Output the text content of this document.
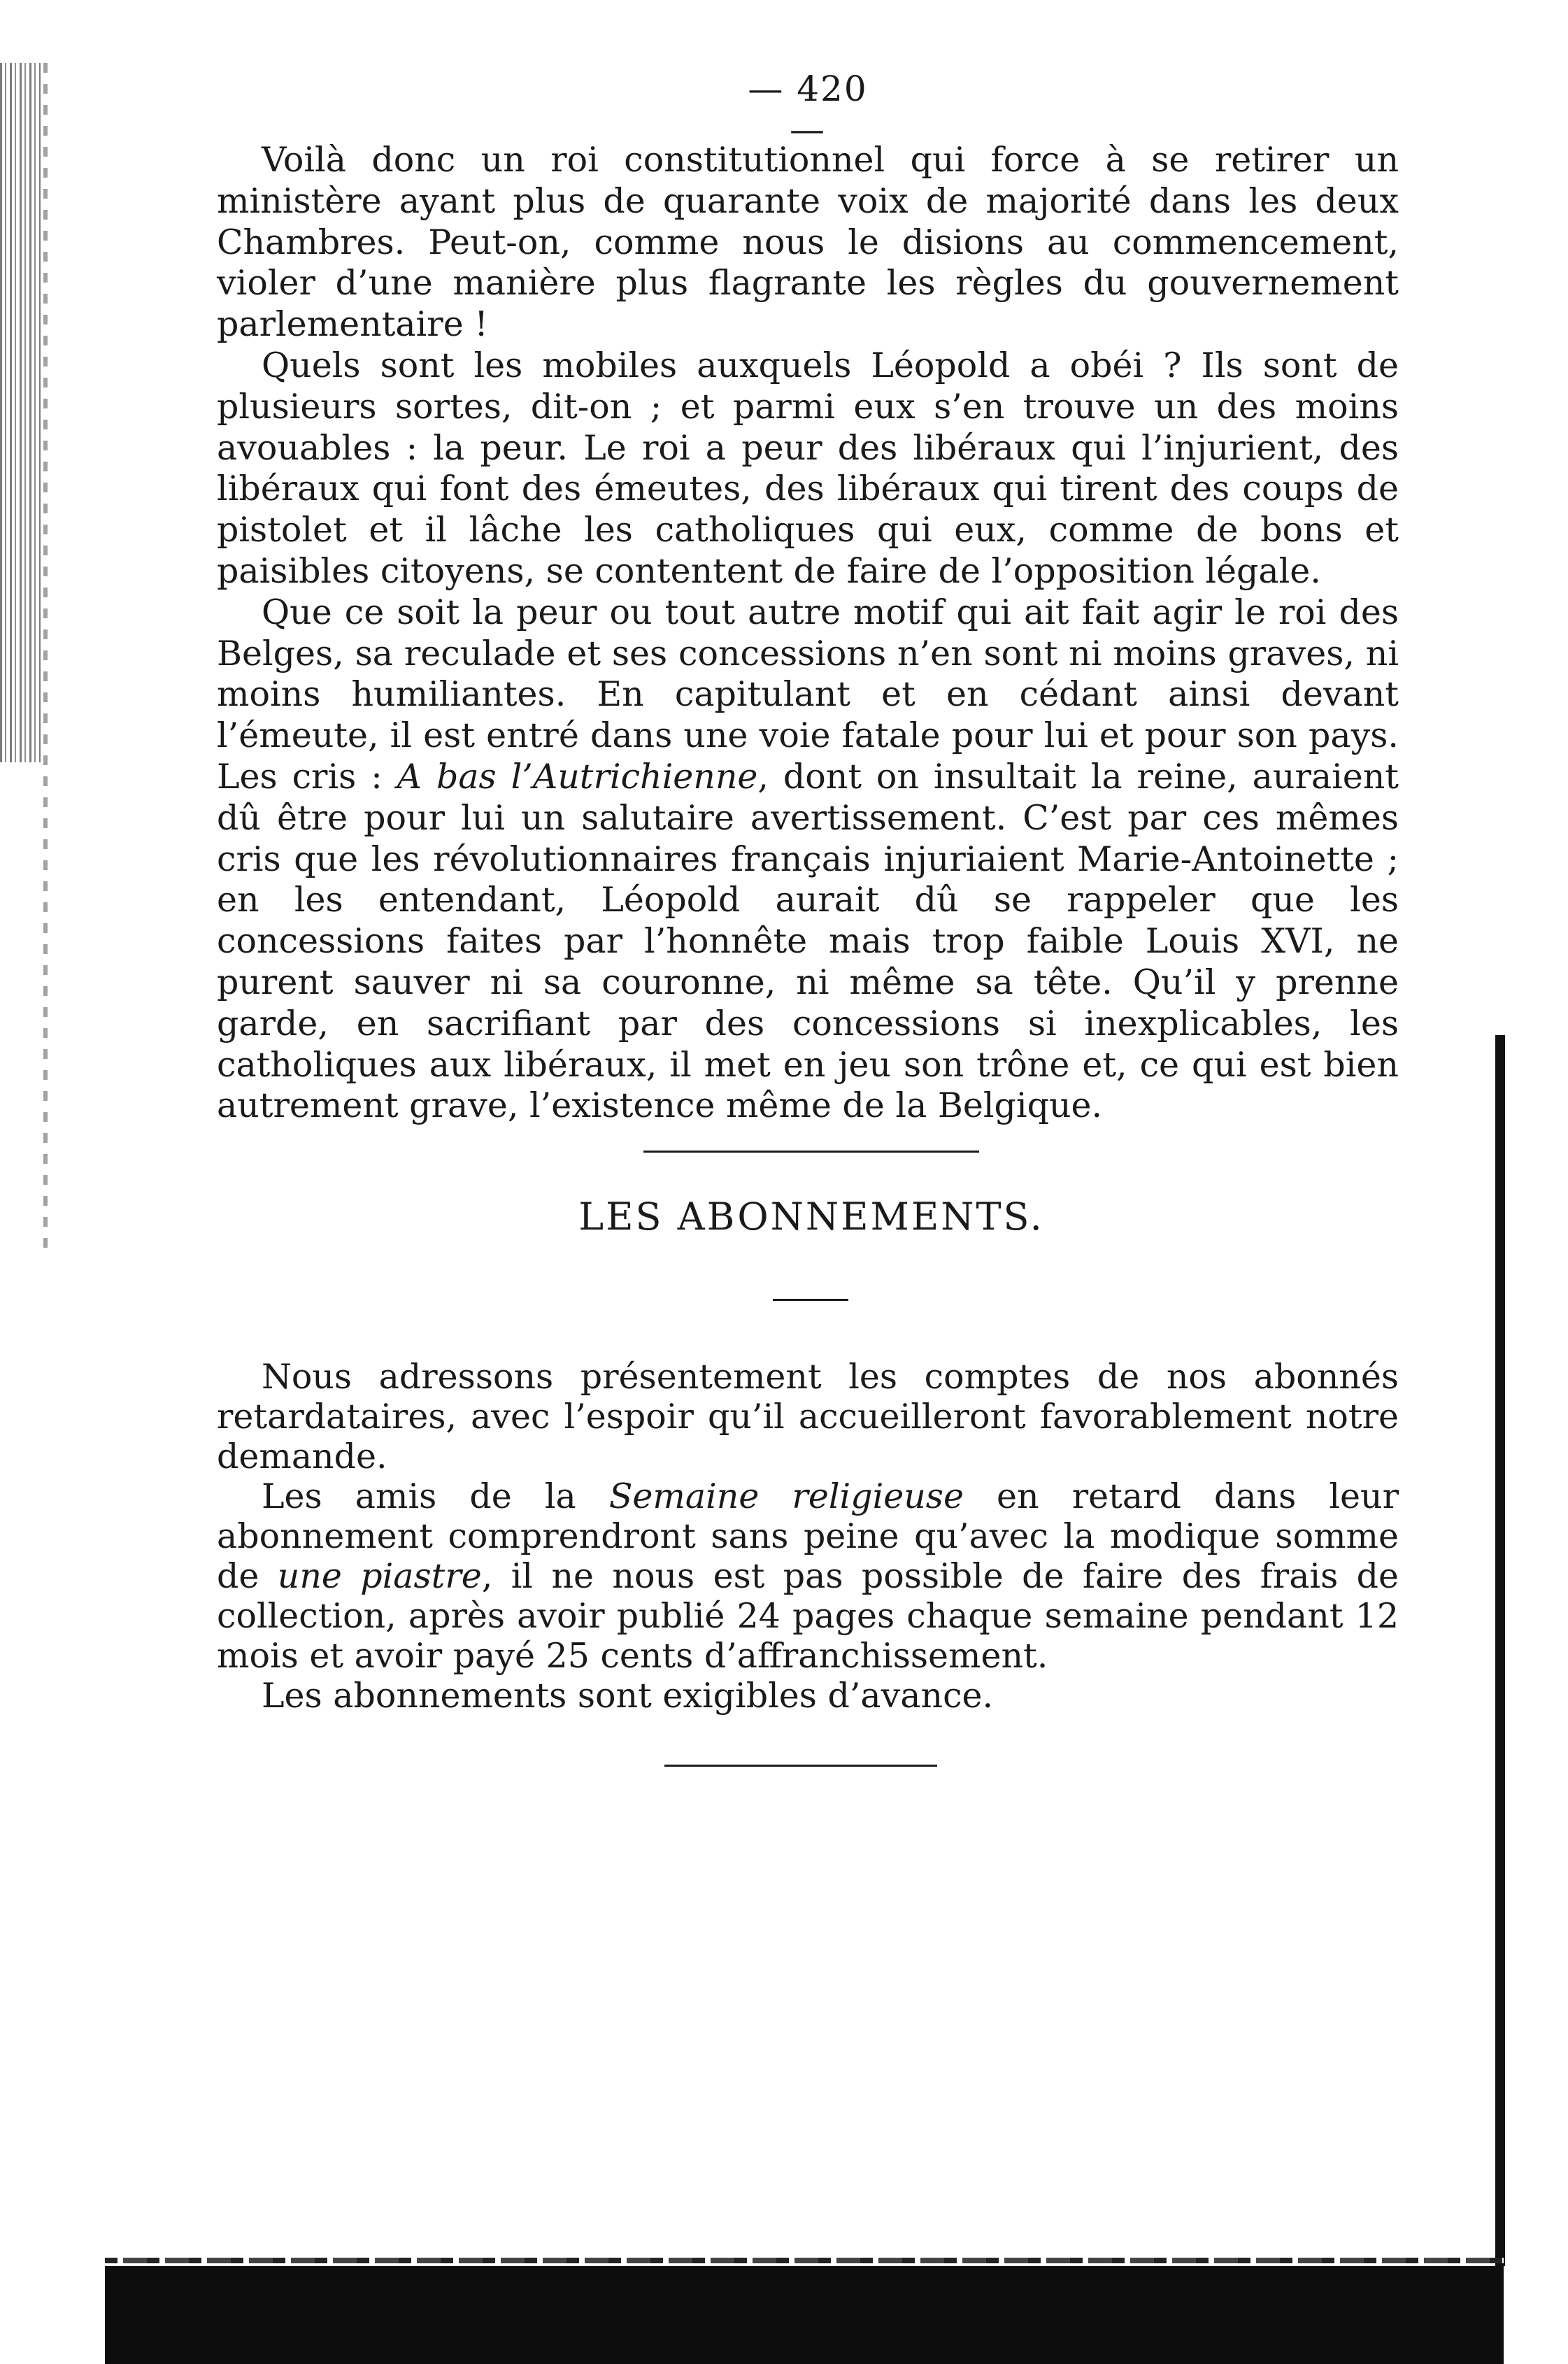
— 420 —

Voilà donc un roi constitutionnel qui force à se retirer un ministère ayant plus de quarante voix de majorité dans les deux Chambres. Peut-on, comme nous le disions au commencement, violer d’une manière plus flagrante les règles du gouvernement parlementaire !

Quels sont les mobiles auxquels Léopold a obéi ? Ils sont de plusieurs sortes, dit-on ; et parmi eux s’en trouve un des moins avouables : la peur. Le roi a peur des libéraux qui l’injurient, des libéraux qui font des émeutes, des libéraux qui tirent des coups de pistolet et il lâche les catholiques qui eux, comme de bons et paisibles citoyens, se contentent de faire de l’opposition légale.

Que ce soit la peur ou tout autre motif qui ait fait agir le roi des Belges, sa reculade et ses concessions n’en sont ni moins graves, ni moins humiliantes. En capitulant et en cédant ainsi devant l’émeute, il est entré dans une voie fatale pour lui et pour son pays. Les cris : A bas l’Autrichienne, dont on insultait la reine, auraient dû être pour lui un salutaire avertissement. C’est par ces mêmes cris que les révolutionnaires français injuriaient Marie-Antoinette ; en les entendant, Léopold aurait dû se rappeler que les concessions faites par l’honnête mais trop faible Louis XVI, ne purent sauver ni sa couronne, ni même sa tête. Qu’il y prenne garde, en sacrifiant par des concessions si inexplicables, les catholiques aux libéraux, il met en jeu son trône et, ce qui est bien autrement grave, l’existence même de la Belgique.

LES ABONNEMENTS.

Nous adressons présentement les comptes de nos abonnés retardataires, avec l’espoir qu’il accueilleront favorablement notre demande.

Les amis de la Semaine religieuse en retard dans leur abonnement comprendront sans peine qu’avec la modique somme de une piastre, il ne nous est pas possible de faire des frais de collection, après avoir publié 24 pages chaque semaine pendant 12 mois et avoir payé 25 cents d’affranchissement.

Les abonnements sont exigibles d’avance.
